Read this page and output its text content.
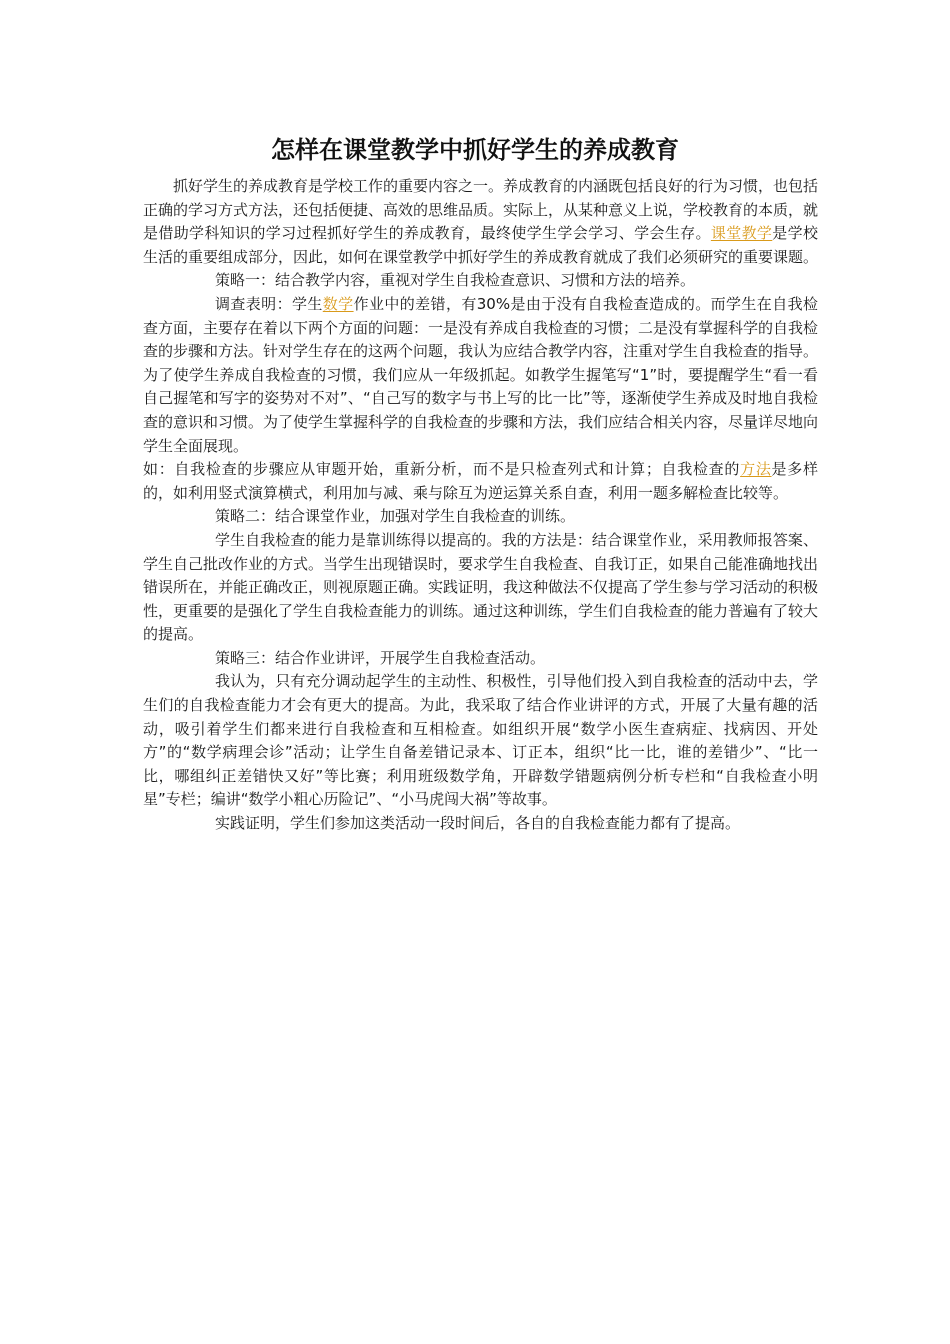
怎样在课堂教学中抓好学生的养成教育

抓好学生的养成教育是学校工作的重要内容之一。养成教育的内涵既包括良好的行为习惯，也包括正确的学习方式方法，还包括便捷、高效的思维品质。实际上，从某种意义上说，学校教育的本质，就是借助学科知识的学习过程抓好学生的养成教育，最终使学生学会学习、学会生存。课堂教学是学校生活的重要组成部分，因此，如何在课堂教学中抓好学生的养成教育就成了我们必须研究的重要课题。

策略一：结合教学内容，重视对学生自我检查意识、习惯和方法的培养。

调查表明：学生数学作业中的差错，有30%是由于没有自我检查造成的。而学生在自我检查方面，主要存在着以下两个方面的问题：一是没有养成自我检查的习惯；二是没有掌握科学的自我检查的步骤和方法。针对学生存在的这两个问题，我认为应结合教学内容，注重对学生自我检查的指导。为了使学生养成自我检查的习惯，我们应从一年级抓起。如教学生握笔写“1”时，要提醒学生“看一看自己握笔和写字的姿势对不对”、“自己写的数字与书上写的比一比”等，逐渐使学生养成及时地自我检查的意识和习惯。为了使学生掌握科学的自我检查的步骤和方法，我们应结合相关内容，尽量详尽地向学生全面展现。

如：自我检查的步骤应从审题开始，重新分析，而不是只检查列式和计算；自我检查的方法是多样的，如利用竖式演算横式，利用加与减、乘与除互为逆运算关系自查，利用一题多解检查比较等。

策略二：结合课堂作业，加强对学生自我检查的训练。

学生自我检查的能力是靠训练得以提高的。我的方法是：结合课堂作业，采用教师报答案、学生自己批改作业的方式。当学生出现错误时，要求学生自我检查、自我订正，如果自己能准确地找出错误所在，并能正确改正，则视原题正确。实践证明，我这种做法不仅提高了学生参与学习活动的积极性，更重要的是强化了学生自我检查能力的训练。通过这种训练，学生们自我检查的能力普遍有了较大的提高。

策略三：结合作业讲评，开展学生自我检查活动。

我认为，只有充分调动起学生的主动性、积极性，引导他们投入到自我检查的活动中去，学生们的自我检查能力才会有更大的提高。为此，我采取了结合作业讲评的方式，开展了大量有趣的活动，吸引着学生们都来进行自我检查和互相检查。如组织开展“数学小医生查病症、找病因、开处方”的“数学病理会诊”活动；让学生自备差错记录本、订正本，组织“比一比，谁的差错少”、“比一比，哪组纠正差错快又好”等比赛；利用班级数学角，开辟数学错题病例分析专栏和“自我检查小明星”专栏；编讲“数学小粗心历险记”、“小马虎闯大祸”等故事。

实践证明，学生们参加这类活动一段时间后，各自的自我检查能力都有了提高。
